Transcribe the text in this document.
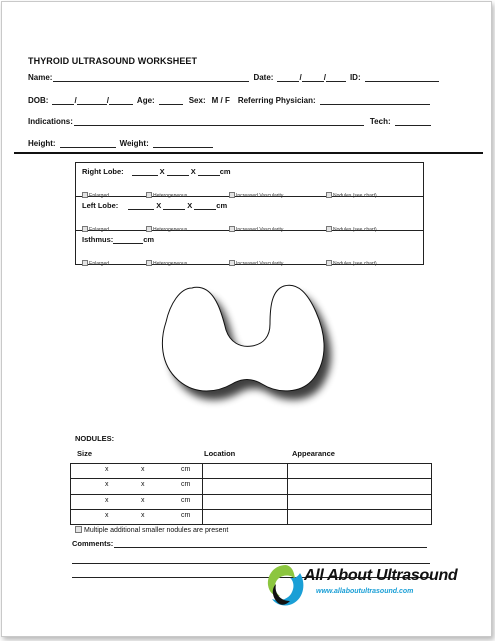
THYROID ULTRASOUND WORKSHEET
Name:	Date:	/	/	ID:
DOB:	/	/	Age:	Sex: M / F Referring Physician:
Indications:	Tech:
Height:	Weight:
Right Lobe:	X	X	cm
Enlarged	Heterogeneous	Increased Vascularity	Nodules (see chart)
Left Lobe:	X	X	cm
Enlarged	Heterogeneous	Increased Vascularity	Nodules (see chart)
Isthmus:	cm
Enlarged	Heterogeneous	Increased Vascularity	Nodules (see chart)
NODULES:
Size	Location	Appearance
x x cm		

x x cm		

x x cm		

x x cm		

Multiple additional smaller nodules are present
Comments:
All About Ultrasound
www.allaboutultrasound.com
